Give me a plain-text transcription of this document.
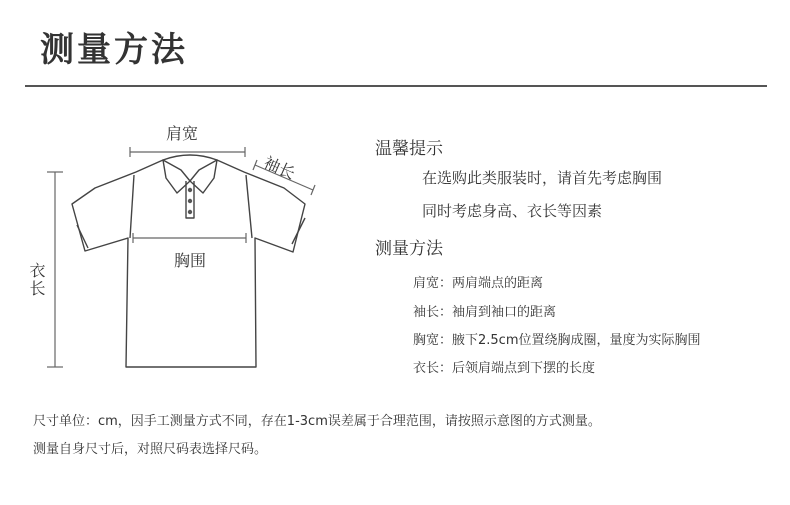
测量方法
肩宽
胸围
衣长
袖长
温馨提示
在选购此类服装时，请首先考虑胸围
同时考虑身高、衣长等因素
测量方法
肩宽：两肩端点的距离
袖长：袖肩到袖口的距离
胸宽：腋下2.5cm位置绕胸成圈，量度为实际胸围
衣长：后领肩端点到下摆的长度
尺寸单位：cm，因手工测量方式不同，存在1-3cm误差属于合理范围，请按照示意图的方式测量。
测量自身尺寸后，对照尺码表选择尺码。
